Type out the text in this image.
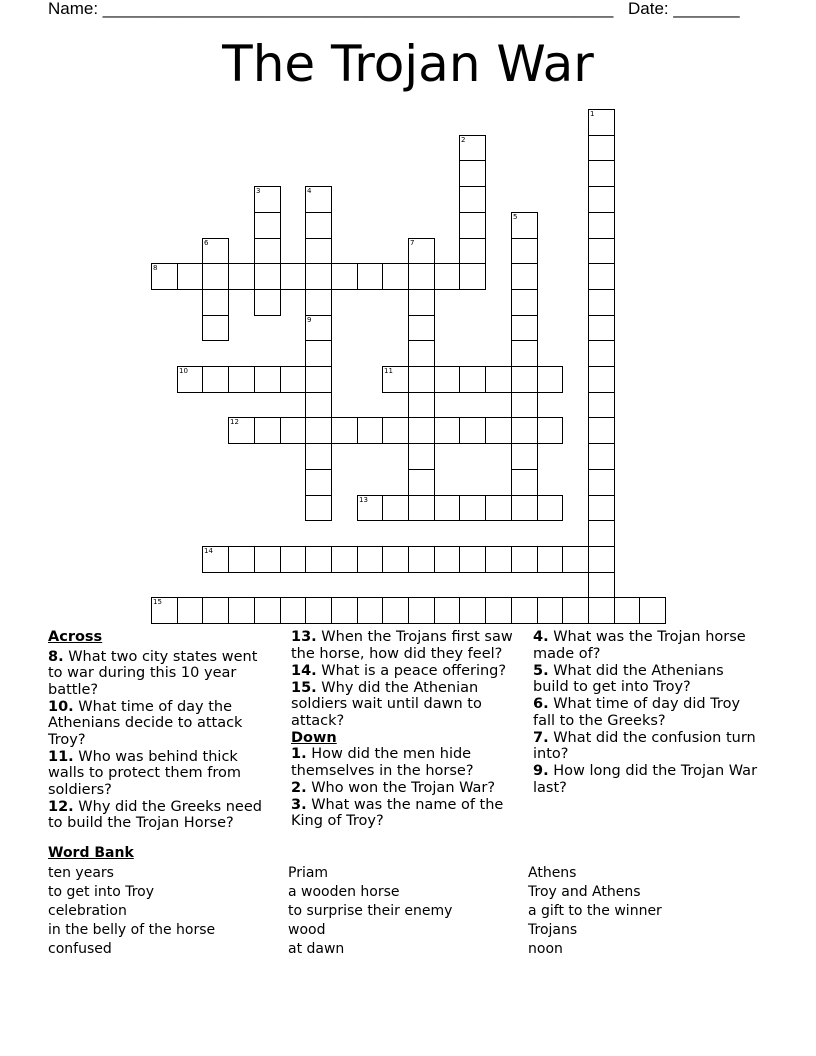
Name: ______________________________________________________ Date: _______
The Trojan War
1
2
3	4
5
6	7
8
9
10	11
12
13
14
15
Across
8. What two city states went to war during this 10 year battle?
10. What time of day the Athenians decide to attack Troy?
11. Who was behind thick walls to protect them from soldiers?
12. Why did the Greeks need to build the Trojan Horse?
13. When the Trojans first saw the horse, how did they feel?
14. What is a peace offering?
15. Why did the Athenian soldiers wait until dawn to attack?
Down
1. How did the men hide themselves in the horse?
2. Who won the Trojan War?
3. What was the name of the King of Troy?
4. What was the Trojan horse made of?
5. What did the Athenians build to get into Troy?
6. What time of day did Troy fall to the Greeks?
7. What did the confusion turn into?
9. How long did the Trojan War last?
Word Bank
ten years
to get into Troy
celebration
in the belly of the horse
confused
Priam
a wooden horse
to surprise their enemy
wood
at dawn
Athens
Troy and Athens
a gift to the winner
Trojans
noon
